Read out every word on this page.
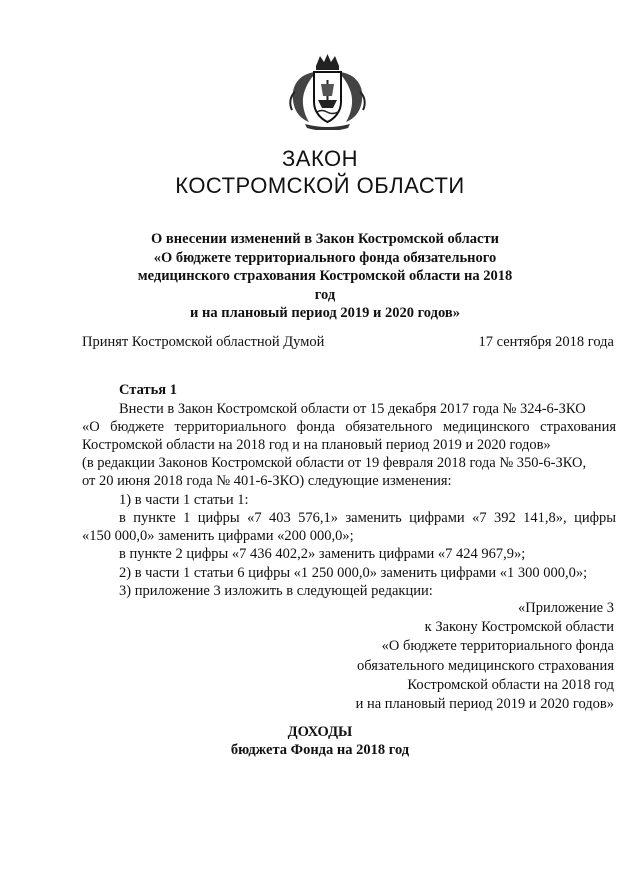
ЗАКОН
КОСТРОМСКОЙ ОБЛАСТИ
О внесении изменений в Закон Костромской области
«О бюджете территориального фонда обязательного
медицинского страхования Костромской области на 2018 год
и на плановый период 2019 и 2020 годов»
Принят Костромской областной Думой	17 сентября 2018 года
Статья 1
Внести в Закон Костромской области от 15 декабря 2017 года № 324-6-ЗКО
«О бюджете территориального фонда обязательного медицинского страхования
Костромской области на 2018 год и на плановый период 2019 и 2020 годов»
(в редакции Законов Костромской области от 19 февраля 2018 года № 350-6-ЗКО,
от 20 июня 2018 года № 401-6-ЗКО) следующие изменения:
1) в части 1 статьи 1:
в пункте 1 цифры «7 403 576,1» заменить цифрами «7 392 141,8», цифры
«150 000,0» заменить цифрами «200 000,0»;
в пункте 2 цифры «7 436 402,2» заменить цифрами «7 424 967,9»;
2) в части 1 статьи 6 цифры «1 250 000,0» заменить цифрами «1 300 000,0»;
3) приложение 3 изложить в следующей редакции:
«Приложение 3
к Закону Костромской области
«О бюджете территориального фонда
обязательного медицинского страхования
Костромской области на 2018 год
и на плановый период 2019 и 2020 годов»
ДОХОДЫ
бюджета Фонда на 2018 год
